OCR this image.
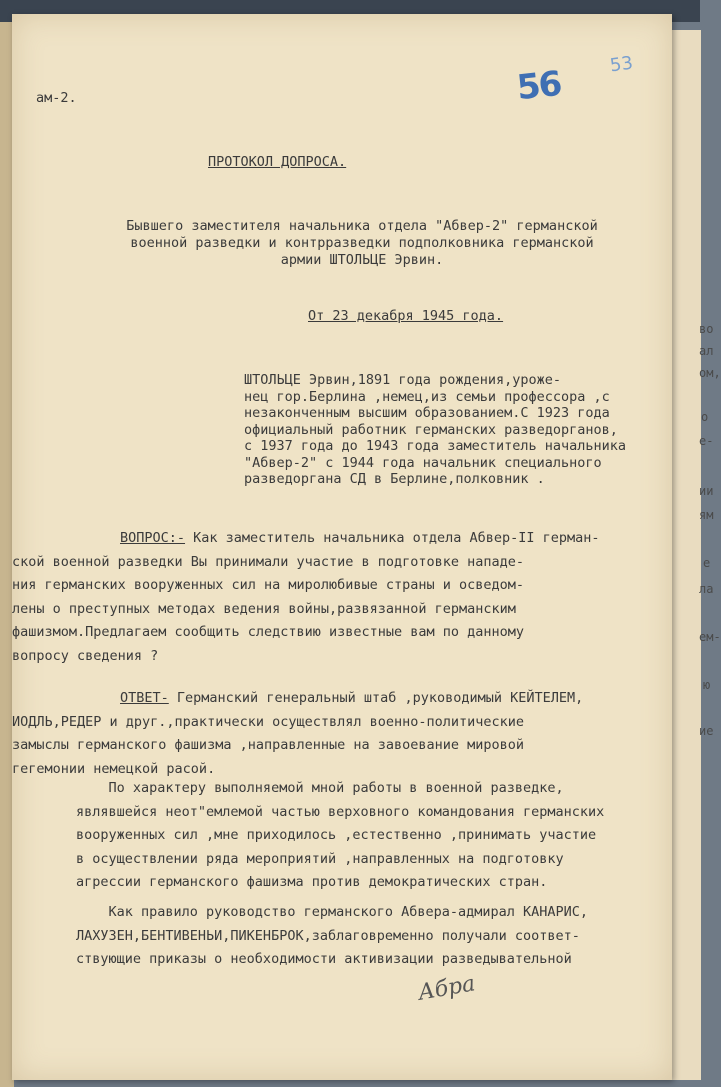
во
ал
ом,
о
е-
ии
ям
е
ла
ем-
ю
ие
56	53
ам-2.
ПРОТОКОЛ ДОПРОСА.
Бывшего заместителя начальника отдела "Абвер-2" германской
военной разведки и контрразведки подполковника германской
армии ШТОЛЬЦЕ Эрвин.
От 23 декабря 1945 года.
ШТОЛЬЦЕ Эрвин,1891 года рождения,урожe-
нец гор.Берлина ,немец,из семьи профессора ,с
незаконченным высшим образованием.С 1923 года
официальный работник германских разведорганов,
с 1937 года до 1943 года заместитель начальника
"Абвер-2" с 1944 года начальник специального
разведоргана СД в Берлине,полковник .
ВОПРОС:- Как заместитель начальника отдела Абвер-II герман-
ской военной разведки Вы принимали участие в подготовке нападе-
ния германских вооруженных сил на миролюбивые страны и осведом-
лены о преступных методах ведения войны,развязанной германским
фашизмом.Предлагаем сообщить следствию известные вам по данному
вопросу сведения ?
ОТВЕТ- Германский генеральный штаб ,руководимый КЕЙТЕЛЕМ,
ИОДЛЬ,РЕДЕР и друг.,практически осуществлял военно-политические
замыслы германского фашизма ,направленные на завоевание мировой
гегемонии немецкой расой.
По характеру выполняемой мной работы в военной разведке,
являвшейся неот"емлемой частью верховного командования германских
вооруженных сил ,мне приходилось ,естественно ,принимать участие
в осуществлении ряда мероприятий ,направленных на подготовку
агрессии германского фашизма против демократических стран.
Как правило руководство германского Абвера-адмирал КАНАРИС,
ЛАХУЗЕН,БЕНТИВЕНЬИ,ПИКЕНБРОК,заблаговременно получали соответ-
ствующие приказы о необходимости активизации разведывательной
Абра
